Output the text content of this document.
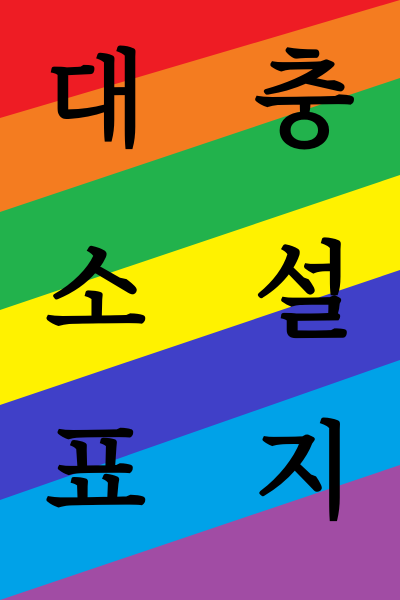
대 충
소 설
표 지
